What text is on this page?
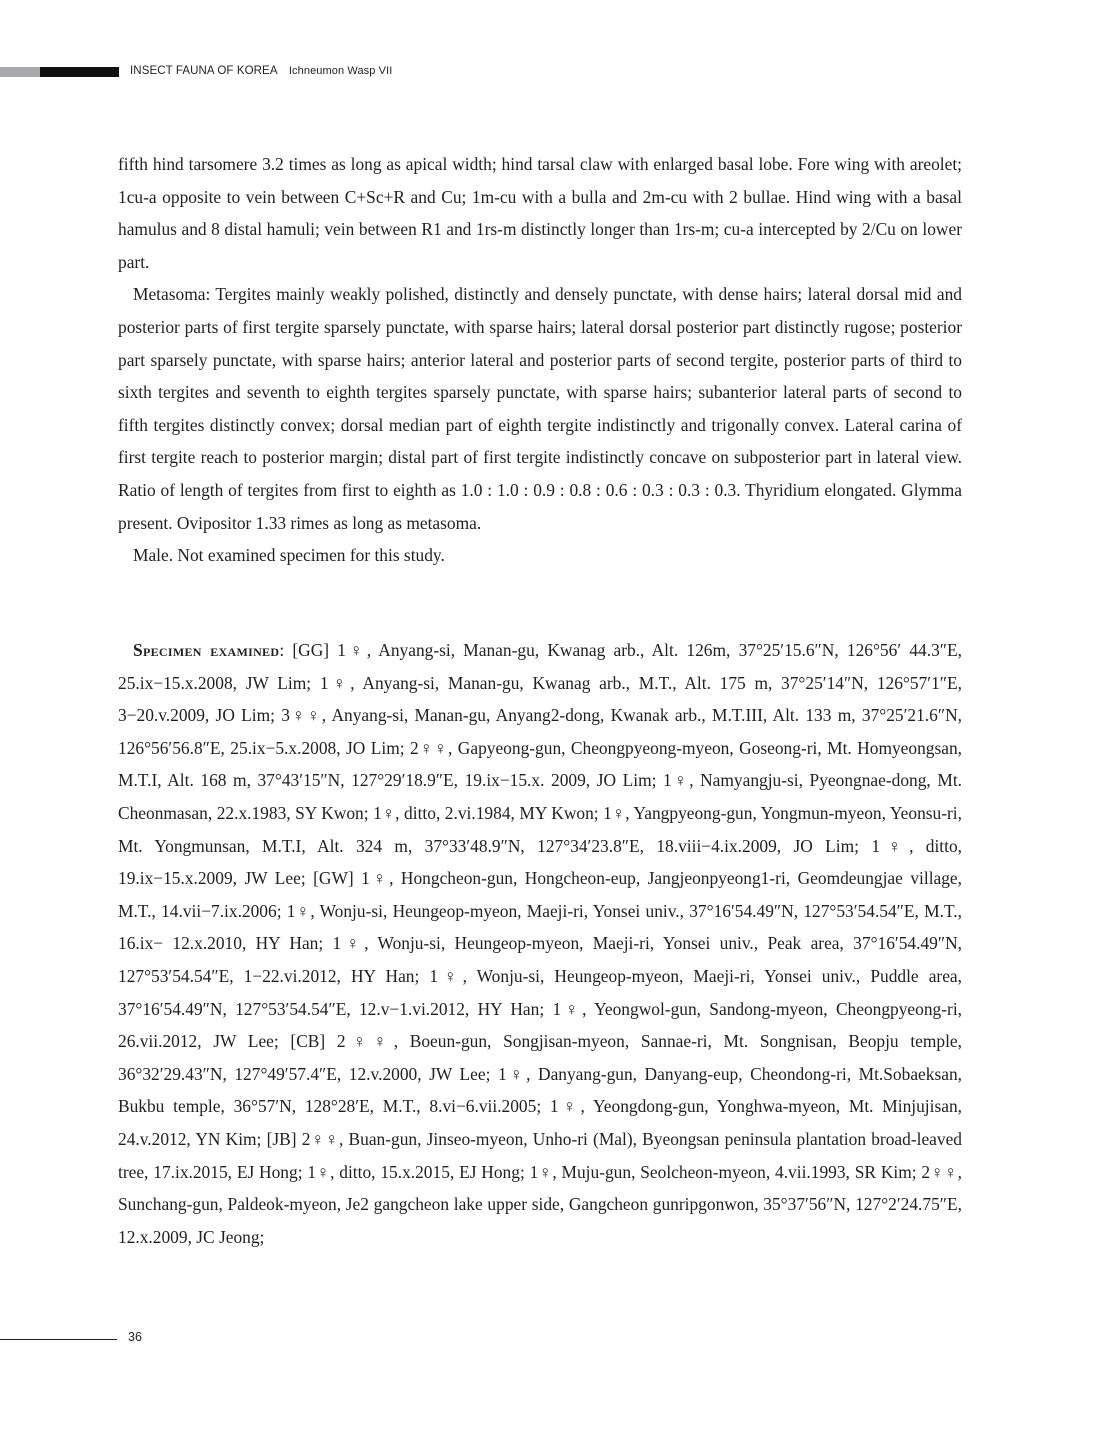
INSECT FAUNA OF KOREA Ichneumon Wasp VII

fifth hind tarsomere 3.2 times as long as apical width; hind tarsal claw with enlarged basal lobe. Fore wing with areolet; 1cu-a opposite to vein between C+Sc+R and Cu; 1m-cu with a bulla and 2m-cu with 2 bullae. Hind wing with a basal hamulus and 8 distal hamuli; vein between R1 and 1rs-m distinctly longer than 1rs-m; cu-a intercepted by 2/Cu on lower part.

Metasoma: Tergites mainly weakly polished, distinctly and densely punctate, with dense hairs; lateral dorsal mid and posterior parts of first tergite sparsely punctate, with sparse hairs; lateral dorsal posterior part distinctly rugose; posterior part sparsely punctate, with sparse hairs; anterior lateral and posterior parts of second tergite, posterior parts of third to sixth tergites and seventh to eighth tergites sparsely punctate, with sparse hairs; subanterior lateral parts of second to fifth tergites distinctly convex; dorsal median part of eighth tergite indistinctly and trigonally convex. Lateral carina of first tergite reach to posterior margin; distal part of first tergite indistinctly concave on subposterior part in lateral view. Ratio of length of tergites from first to eighth as 1.0 : 1.0 : 0.9 : 0.8 : 0.6 : 0.3 : 0.3 : 0.3. Thyridium elongated. Glymma present. Ovipositor 1.33 rimes as long as metasoma.

Male. Not examined specimen for this study.

Specimen examined: [GG] 1♀, Anyang-si, Manan-gu, Kwanag arb., Alt. 126m, 37°25′15.6″N, 126°56′ 44.3″E, 25.ix−15.x.2008, JW Lim; 1♀, Anyang-si, Manan-gu, Kwanag arb., M.T., Alt. 175 m, 37°25′14″N, 126°57′1″E, 3−20.v.2009, JO Lim; 3♀♀, Anyang-si, Manan-gu, Anyang2-dong, Kwanak arb., M.T.III, Alt. 133 m, 37°25′21.6″N, 126°56′56.8″E, 25.ix−5.x.2008, JO Lim; 2♀♀, Gapyeong-gun, Cheongpyeong-myeon, Goseong-ri, Mt. Homyeongsan, M.T.I, Alt. 168 m, 37°43′15″N, 127°29′18.9″E, 19.ix−15.x. 2009, JO Lim; 1♀, Namyangju-si, Pyeongnae-dong, Mt. Cheonmasan, 22.x.1983, SY Kwon; 1♀, ditto, 2.vi.1984, MY Kwon; 1♀, Yangpyeong-gun, Yongmun-myeon, Yeonsu-ri, Mt. Yongmunsan, M.T.I, Alt. 324 m, 37°33′48.9″N, 127°34′23.8″E, 18.viii−4.ix.2009, JO Lim; 1♀, ditto, 19.ix−15.x.2009, JW Lee; [GW] 1♀, Hongcheon-gun, Hongcheon-eup, Jangjeonpyeong1-ri, Geomdeungjae village, M.T., 14.vii−7.ix.2006; 1♀, Wonju-si, Heungeop-myeon, Maeji-ri, Yonsei univ., 37°16′54.49″N, 127°53′54.54″E, M.T., 16.ix− 12.x.2010, HY Han; 1♀, Wonju-si, Heungeop-myeon, Maeji-ri, Yonsei univ., Peak area, 37°16′54.49″N, 127°53′54.54″E, 1−22.vi.2012, HY Han; 1♀, Wonju-si, Heungeop-myeon, Maeji-ri, Yonsei univ., Puddle area, 37°16′54.49″N, 127°53′54.54″E, 12.v−1.vi.2012, HY Han; 1♀, Yeongwol-gun, Sandong-myeon, Cheongpyeong-ri, 26.vii.2012, JW Lee; [CB] 2♀♀, Boeun-gun, Songjisan-myeon, Sannae-ri, Mt. Songnisan, Beopju temple, 36°32′29.43″N, 127°49′57.4″E, 12.v.2000, JW Lee; 1♀, Danyang-gun, Danyang-eup, Cheondong-ri, Mt.Sobaeksan, Bukbu temple, 36°57′N, 128°28′E, M.T., 8.vi−6.vii.2005; 1♀, Yeongdong-gun, Yonghwa-myeon, Mt. Minjujisan, 24.v.2012, YN Kim; [JB] 2♀♀, Buan-gun, Jinseo-myeon, Unho-ri (Mal), Byeongsan peninsula plantation broad-leaved tree, 17.ix.2015, EJ Hong; 1♀, ditto, 15.x.2015, EJ Hong; 1♀, Muju-gun, Seolcheon-myeon, 4.vii.1993, SR Kim; 2♀♀, Sunchang-gun, Paldeok-myeon, Je2 gangcheon lake upper side, Gangcheon gunripgonwon, 35°37′56″N, 127°2′24.75″E, 12.x.2009, JC Jeong;

36
